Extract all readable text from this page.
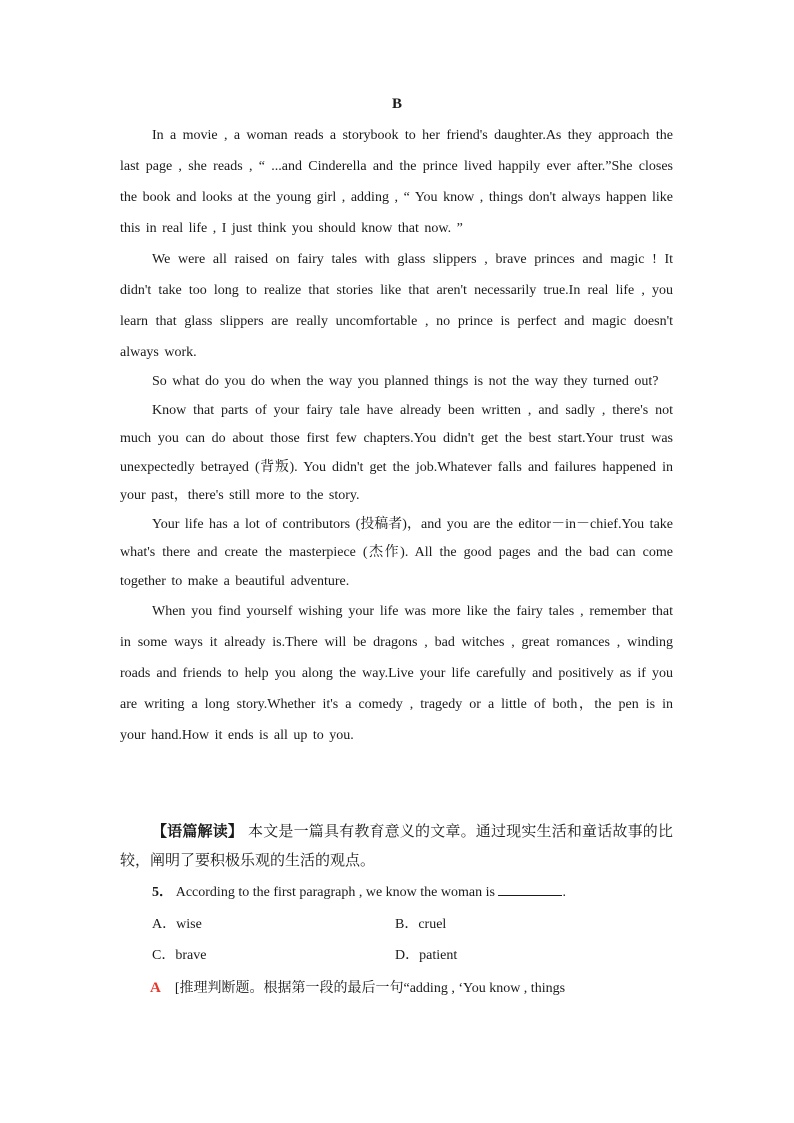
B

In a movie , a woman reads a storybook to her friend's daughter.As they approach the last page , she reads , “ ...and Cinderella and the prince lived happily ever after.”She closes the book and looks at the young girl , adding , “ You know , things don't always happen like this in real life , I just think you should know that now. ”

We were all raised on fairy tales with glass slippers , brave princes and magic ! It didn't take too long to realize that stories like that aren't necessarily true.In real life , you learn that glass slippers are really uncomfortable , no prince is perfect and magic doesn't always work.

So what do you do when the way you planned things is not the way they turned out?

Know that parts of your fairy tale have already been written , and sadly , there's not much you can do about those first few chapters.You didn't get the best start.Your trust was unexpectedly betrayed (背叛). You didn't get the job.Whatever falls and failures happened in your past，there's still more to the story.

Your life has a lot of contributors (投稿者)，and you are the editor－in－chief.You take what's there and create the masterpiece (杰作). All the good pages and the bad can come together to make a beautiful adventure.

When you find yourself wishing your life was more like the fairy tales , remember that in some ways it already is.There will be dragons , bad witches , great romances , winding roads and friends to help you along the way.Live your life carefully and positively as if you are writing a long story.Whether it's a comedy , tragedy or a little of both，the pen is in your hand.How it ends is all up to you.

【语篇解读】 本文是一篇具有教育意义的文章。通过现实生活和童话故事的比较，阐明了要积极乐观的生活的观点。
5． According to the first paragraph , we know the woman is	.
A．wise	B．cruel
C．brave	D．patient
A [推理判断题。根据第一段的最后一句“adding , ‘You know , things
